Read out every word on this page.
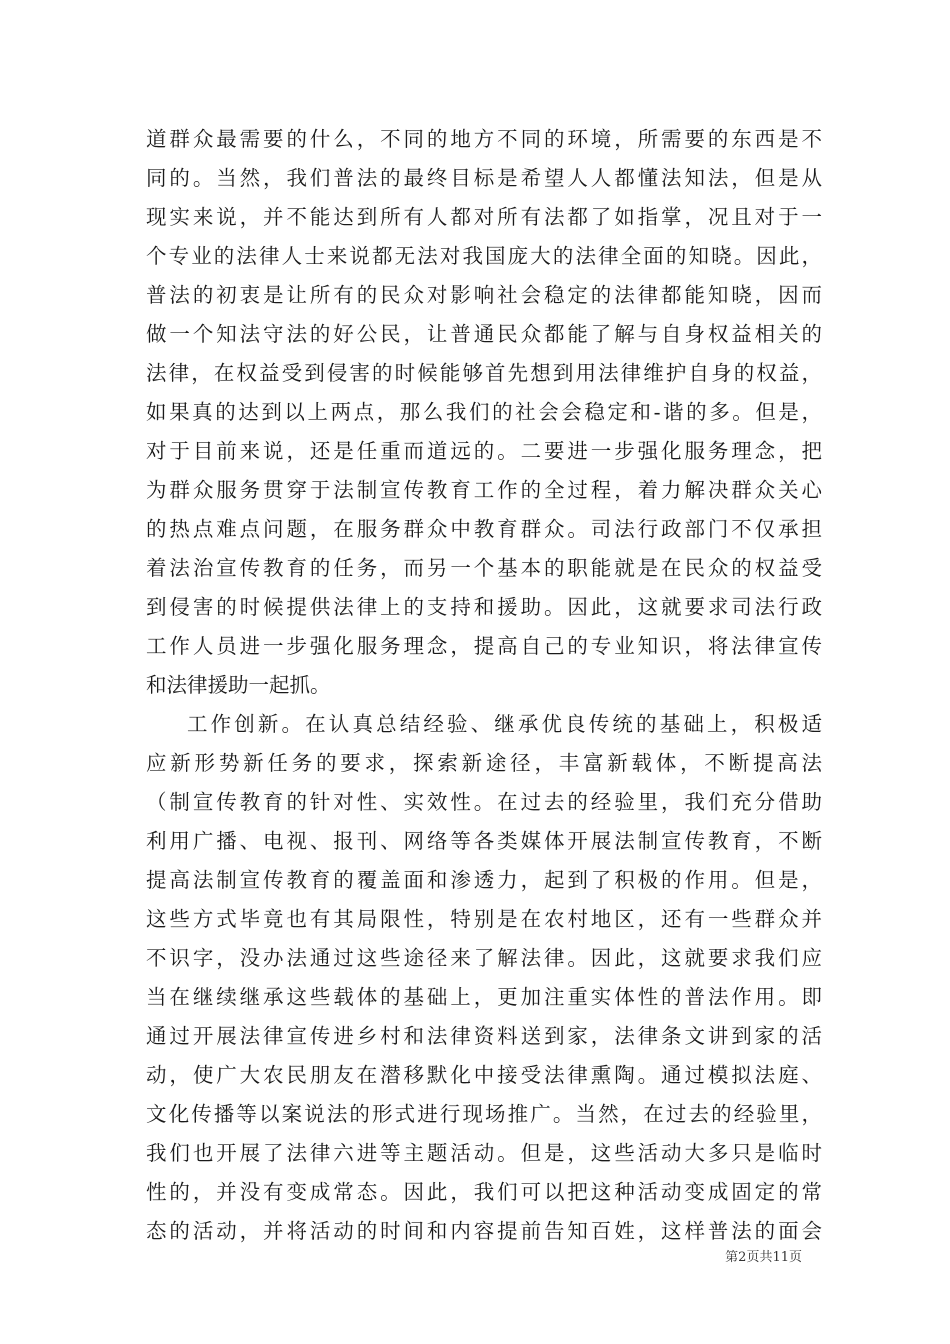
道群众最需要的什么，不同的地方不同的环境，所需要的东西是不
同的。当然，我们普法的最终目标是希望人人都懂法知法，但是从
现实来说，并不能达到所有人都对所有法都了如指掌，况且对于一
个专业的法律人士来说都无法对我国庞大的法律全面的知晓。因此，
普法的初衷是让所有的民众对影响社会稳定的法律都能知晓，因而
做一个知法守法的好公民，让普通民众都能了解与自身权益相关的
法律，在权益受到侵害的时候能够首先想到用法律维护自身的权益，
如果真的达到以上两点，那么我们的社会会稳定和-谐的多。但是，
对于目前来说，还是任重而道远的。二要进一步强化服务理念，把
为群众服务贯穿于法制宣传教育工作的全过程，着力解决群众关心
的热点难点问题，在服务群众中教育群众。司法行政部门不仅承担
着法治宣传教育的任务，而另一个基本的职能就是在民众的权益受
到侵害的时候提供法律上的支持和援助。因此，这就要求司法行政
工作人员进一步强化服务理念，提高自己的专业知识，将法律宣传
和法律援助一起抓。
工作创新。在认真总结经验、继承优良传统的基础上，积极适
应新形势新任务的要求，探索新途径，丰富新载体，不断提高法
（制宣传教育的针对性、实效性。在过去的经验里，我们充分借助
利用广播、电视、报刊、网络等各类媒体开展法制宣传教育，不断
提高法制宣传教育的覆盖面和渗透力，起到了积极的作用。但是，
这些方式毕竟也有其局限性，特别是在农村地区，还有一些群众并
不识字，没办法通过这些途径来了解法律。因此，这就要求我们应
当在继续继承这些载体的基础上，更加注重实体性的普法作用。即
通过开展法律宣传进乡村和法律资料送到家，法律条文讲到家的活
动，使广大农民朋友在潜移默化中接受法律熏陶。通过模拟法庭、
文化传播等以案说法的形式进行现场推广。当然，在过去的经验里，
我们也开展了法律六进等主题活动。但是，这些活动大多只是临时
性的，并没有变成常态。因此，我们可以把这种活动变成固定的常
态的活动，并将活动的时间和内容提前告知百姓，这样普法的面会
第2页共11页
